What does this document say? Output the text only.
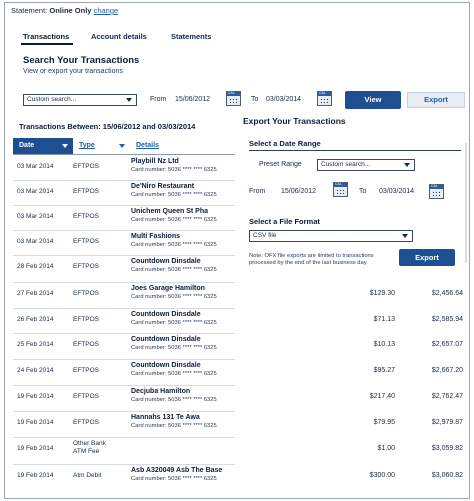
Statement: Online Only change
Transactions	Account details	Statements
Search Your Transactions
View or export your transactions
Custom search...	From 15/06/2012
CAL
To 03/03/2014
CAL
View	Export
Transactions Between: 15/06/2012 and 03/03/2014
Date	Type	Details
03 Mar 2014	EFTPOS
Playbill Nz Ltd
Card number: 5036 **** **** 6325
03 Mar 2014	EFTPOS
De'Niro Restaurant
Card number: 5036 **** **** 6325
03 Mar 2014	EFTPOS
Unichem Queen St Pha
Card number: 5036 **** **** 6325
03 Mar 2014	EFTPOS
Multi Fashions
Card number: 5036 **** **** 6325
28 Feb 2014	EFTPOS
Countdown Dinsdale
Card number: 5036 **** **** 6325
27 Feb 2014	EFTPOS
Joes Garage Hamilton
Card number: 5036 **** **** 6325	$129.30	$2,456.64
26 Feb 2014	EFTPOS
Countdown Dinsdale
Card number: 5036 **** **** 6325	$71.13	$2,585.94
25 Feb 2014	EFTPOS
Countdown Dinsdale
Card number: 5036 **** **** 6325	$10.13	$2,657.07
24 Feb 2014	EFTPOS
Countdown Dinsdale
Card number: 5036 **** **** 6325	$95.27	$2,667.20
19 Feb 2014	EFTPOS
Decjuba Hamilton
Card number: 5036 **** **** 6325	$217.40	$2,762.47
19 Feb 2014	EFTPOS
Hannahs 131 Te Awa
Card number: 5036 **** **** 6325	$79.95	$2,979.87
19 Feb 2014
Other Bank ATM Fee	$1.00	$3,059.82
19 Feb 2014	Atm Debit
Asb A320049 Asb The Base
Card number: 5036 **** **** 6325	$300.00	$3,060.82
Export Your Transactions
Select a Date Range
Preset Range	Custom search...
From 15/06/2012
CAL
To 03/03/2014
CAL
Select a File Format
CSV file
Note: OFX file exports are limited to transactions processed by the end of the last business day.
Export
